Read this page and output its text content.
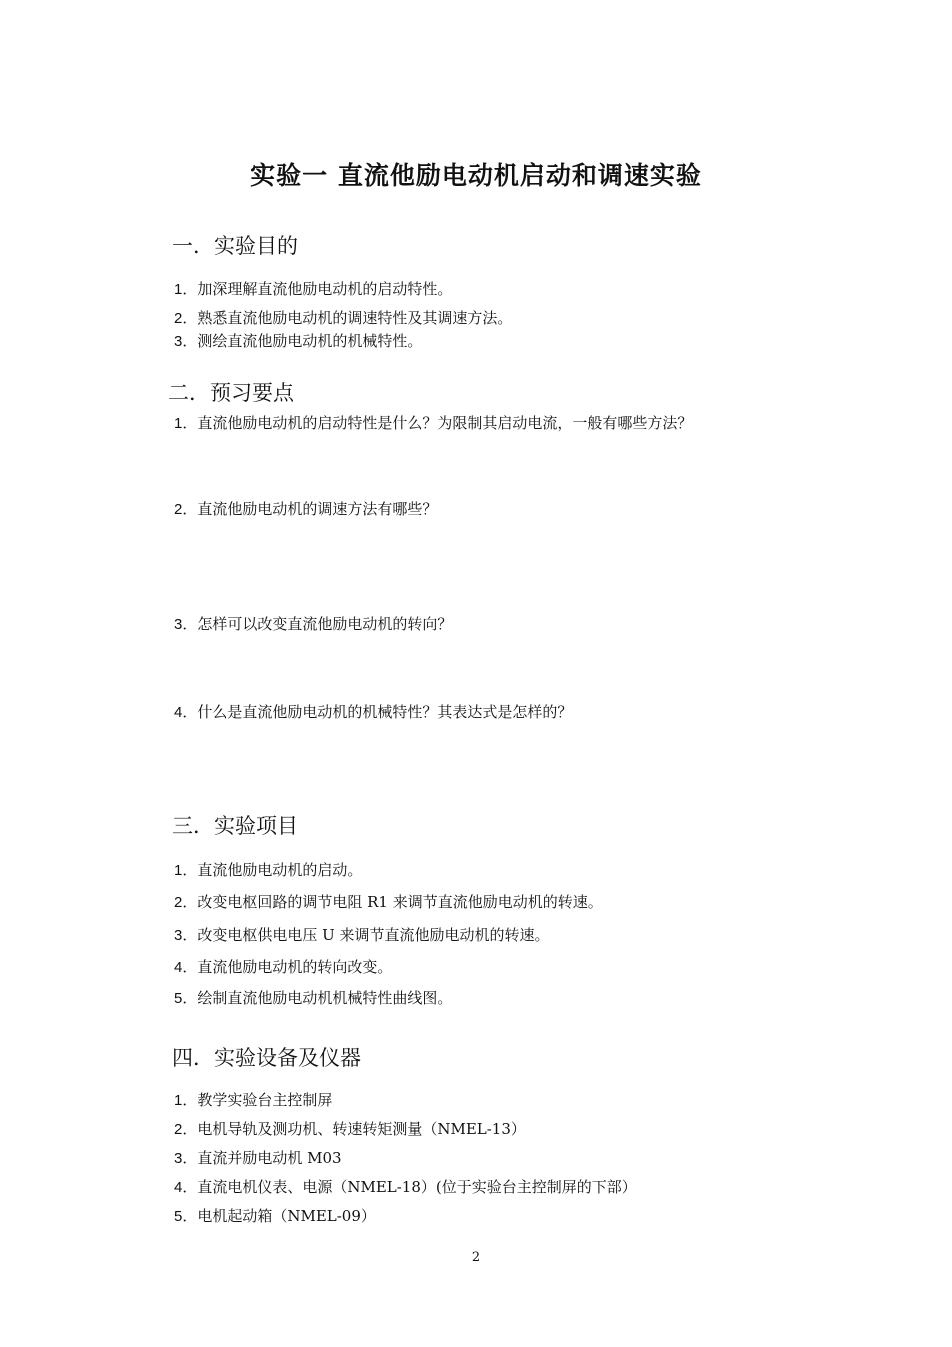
实验一 直流他励电动机启动和调速实验
一．实验目的
1．加深理解直流他励电动机的启动特性。
2．熟悉直流他励电动机的调速特性及其调速方法。
3．测绘直流他励电动机的机械特性。
二．预习要点
1．直流他励电动机的启动特性是什么？为限制其启动电流，一般有哪些方法？
2．直流他励电动机的调速方法有哪些？
3．怎样可以改变直流他励电动机的转向？
4．什么是直流他励电动机的机械特性？其表达式是怎样的？
三．实验项目
1．直流他励电动机的启动。
2．改变电枢回路的调节电阻 R1 来调节直流他励电动机的转速。
3．改变电枢供电电压 U 来调节直流他励电动机的转速。
4．直流他励电动机的转向改变。
5．绘制直流他励电动机机械特性曲线图。
四．实验设备及仪器
1．教学实验台主控制屏
2．电机导轨及测功机、转速转矩测量（NMEL-13）
3．直流并励电动机 M03
4．直流电机仪表、电源（NMEL-18）(位于实验台主控制屏的下部）
5．电机起动箱（NMEL-09）
2
